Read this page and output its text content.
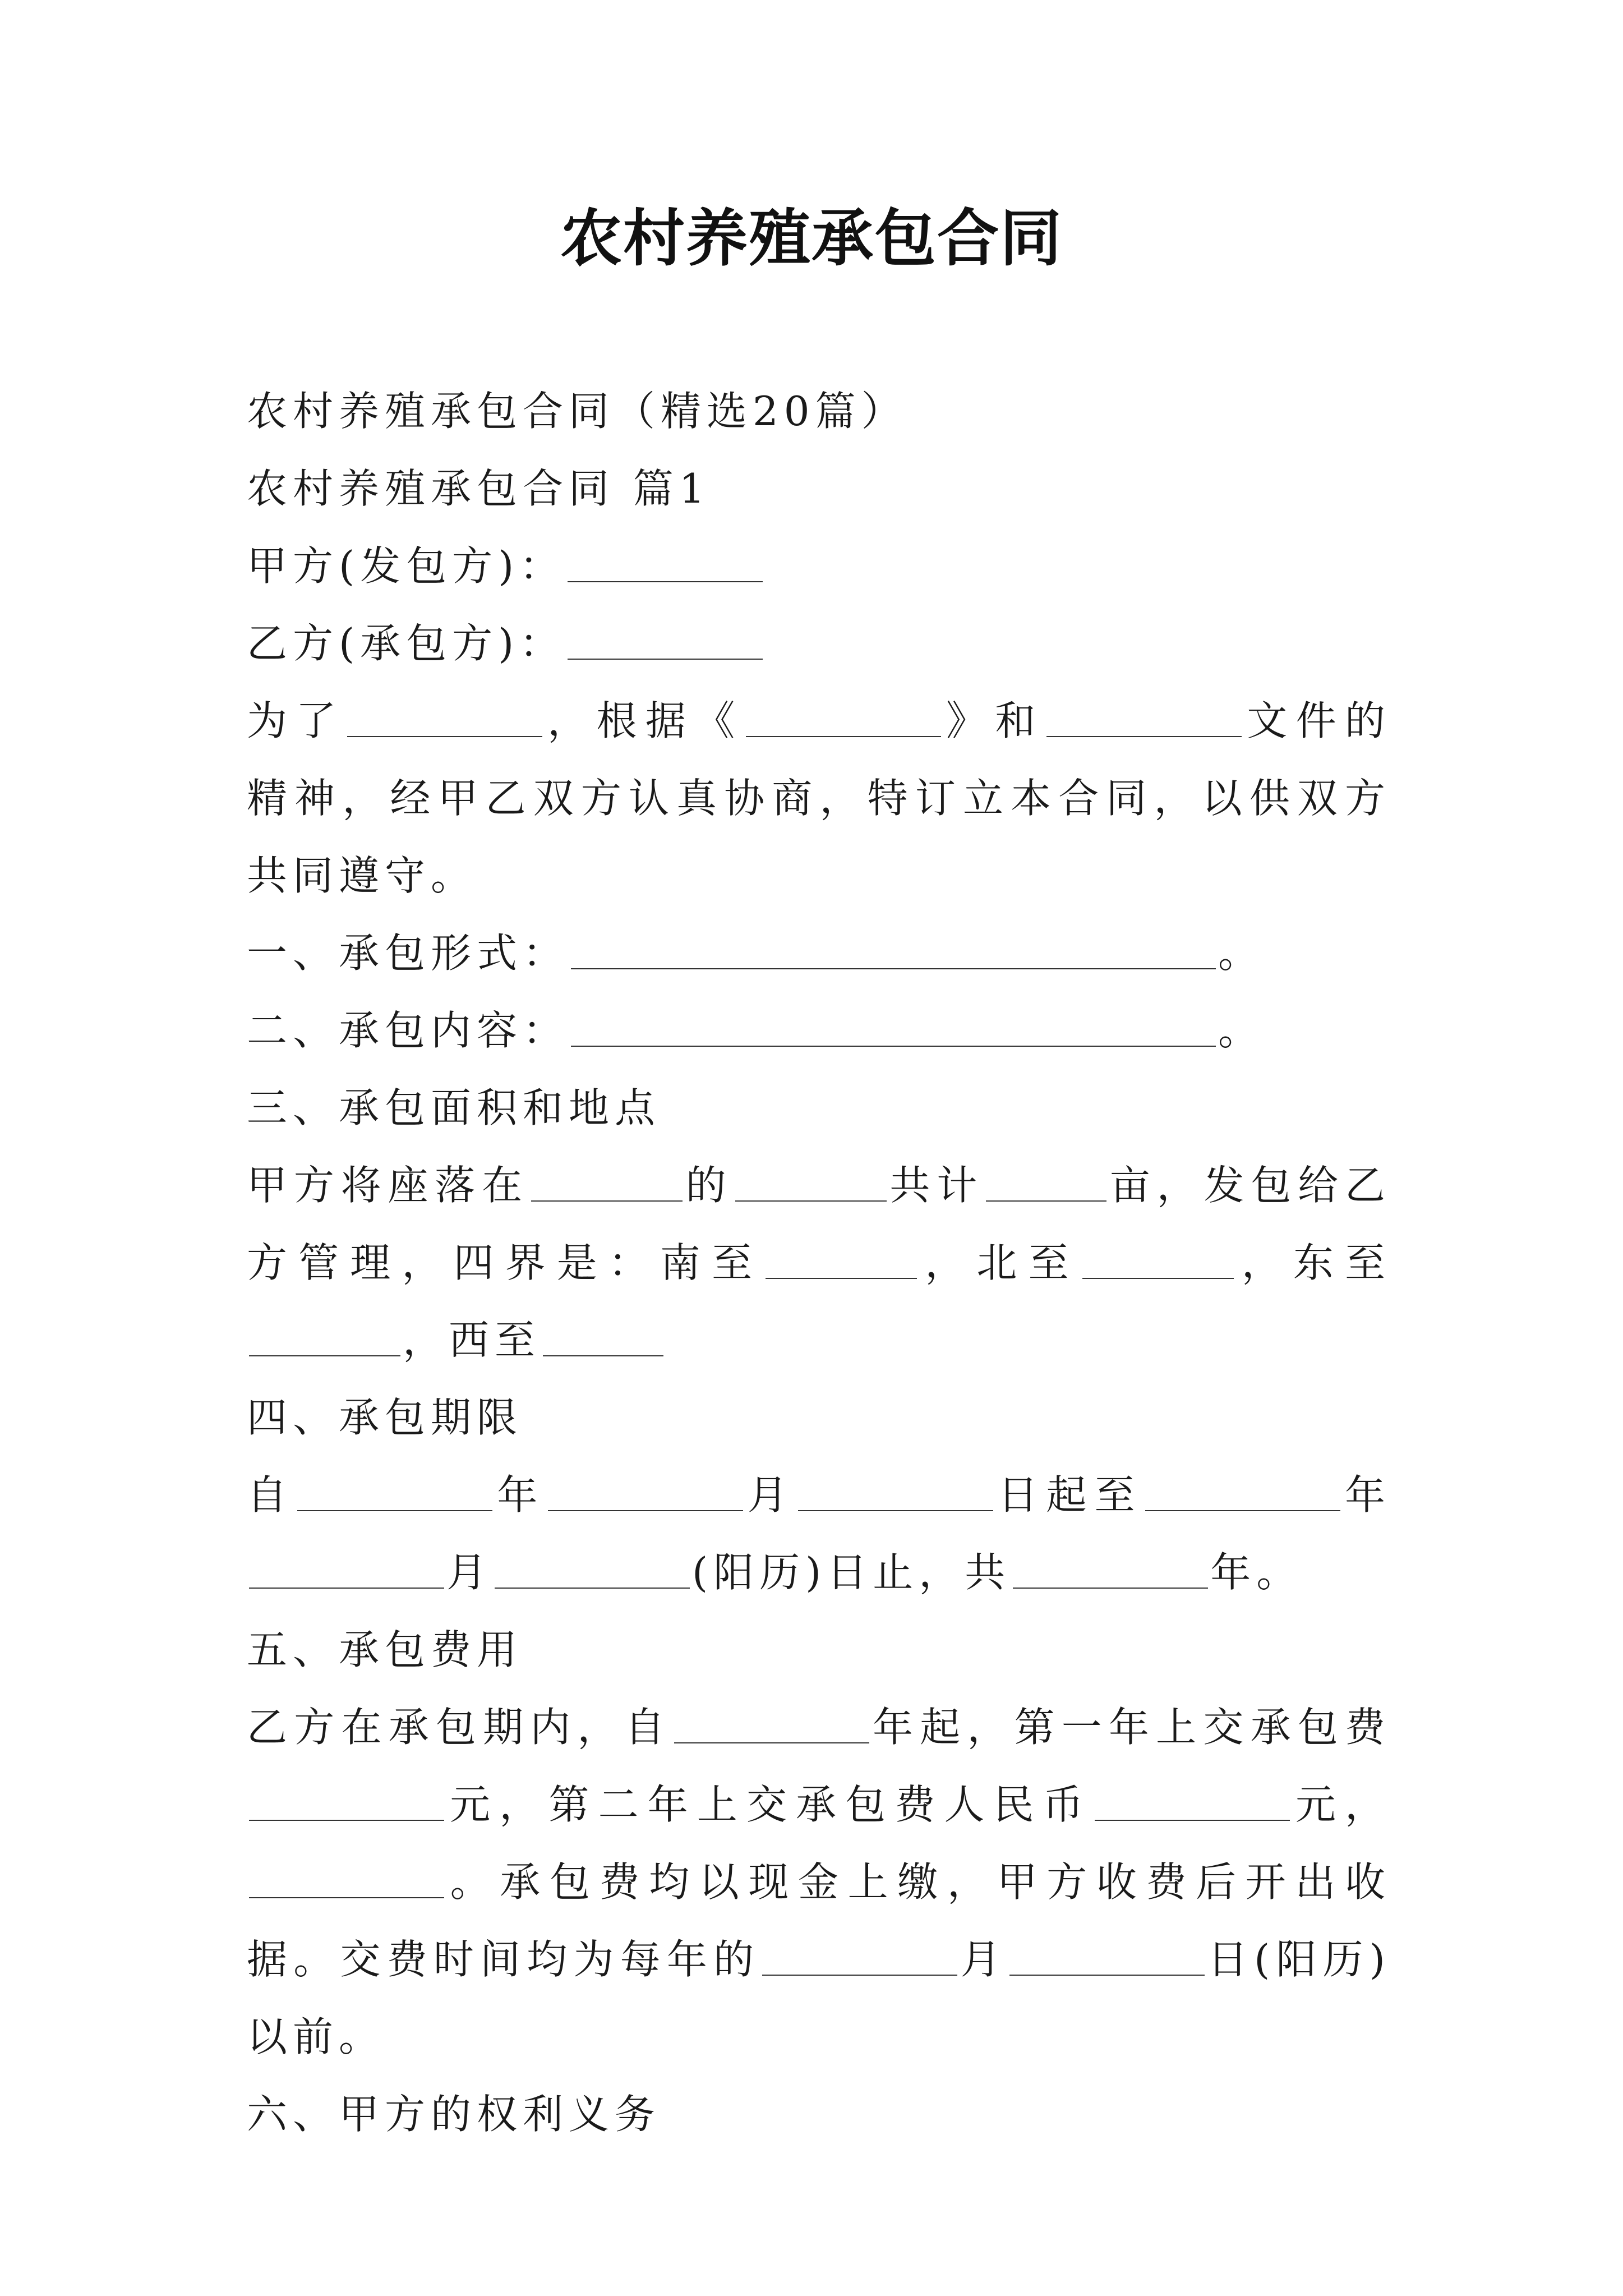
农村养殖承包合同

农村养殖承包合同（精选20篇）

农村养殖承包合同 篇1

甲方(发包方)：

乙方(承包方)：

为了	，根据《	》和	文件的精神，经甲乙双方认真协商，特订立本合同，以供双方共同遵守。

一、承包形式：	。

二、承包内容：	。

三、承包面积和地点

甲方将座落在	的	共计	亩，发包给乙方管理，四界是：南至	，北至	，东至，西至

四、承包期限

自	年	月	日起至	年月	(阳历)日止，共	年。

五、承包费用

乙方在承包期内，自	年起，第一年上交承包费元，第二年上交承包费人民币	元，。承包费均以现金上缴，甲方收费后开出收据。交费时间均为每年的	月	日(阳历)以前。

六、甲方的权利义务
